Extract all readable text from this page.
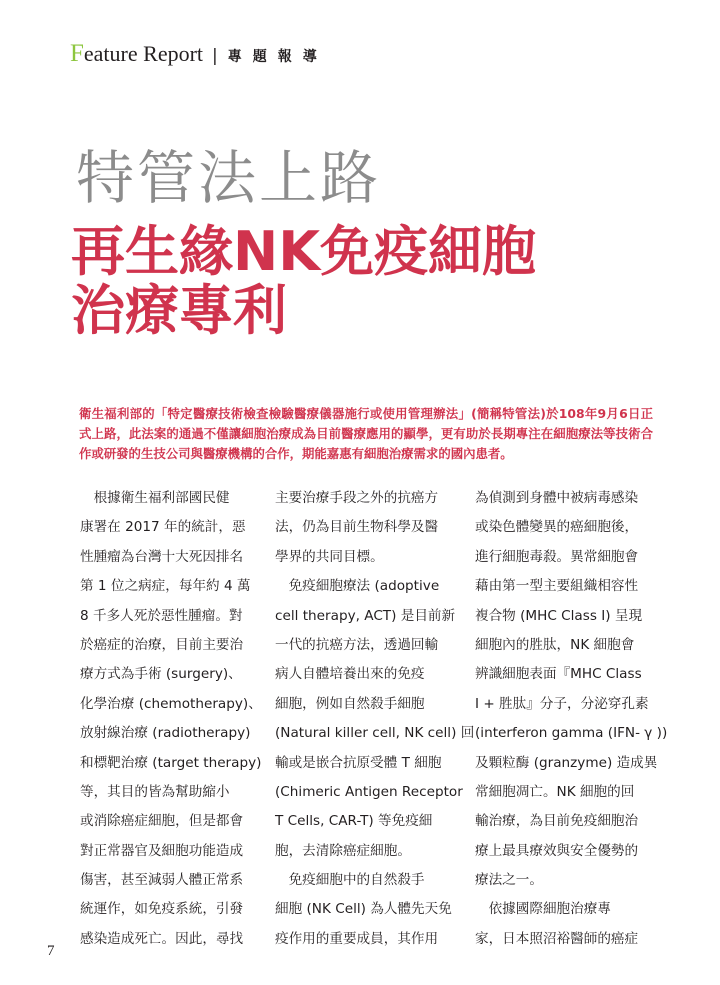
Feature Report | 專題報導
特管法上路
再生緣NK免疫細胞
治療專利
衛生福利部的「特定醫療技術檢查檢驗醫療儀器施行或使用管理辦法」(簡稱特管法)於108年9月6日正式上路，此法案的通過不僅讓細胞治療成為目前醫療應用的顯學，更有助於長期專注在細胞療法等技術合作或研發的生技公司與醫療機構的合作，期能嘉惠有細胞治療需求的國內患者。
　根據衛生福利部國民健
康署在 2017 年的統計，惡
性腫瘤為台灣十大死因排名
第 1 位之病症，每年約 4 萬
8 千多人死於惡性腫瘤。對
於癌症的治療，目前主要治
療方式為手術 (surgery)、
化學治療 (chemotherapy)、
放射線治療 (radiotherapy)
和標靶治療 (target therapy)
等，其目的皆為幫助縮小
或消除癌症細胞，但是都會
對正常器官及細胞功能造成
傷害，甚至減弱人體正常系
統運作，如免疫系統，引發
感染造成死亡。因此，尋找
主要治療手段之外的抗癌方
法，仍為目前生物科學及醫
學界的共同目標。
　免疫細胞療法 (adoptive
cell therapy, ACT) 是目前新
一代的抗癌方法，透過回輸
病人自體培養出來的免疫
細胞，例如自然殺手細胞
(Natural killer cell, NK cell) 回
輸或是嵌合抗原受體 T 細胞
(Chimeric Antigen Receptor
T Cells, CAR-T) 等免疫細
胞，去清除癌症細胞。
　免疫細胞中的自然殺手
細胞 (NK Cell) 為人體先天免
疫作用的重要成員，其作用
為偵測到身體中被病毒感染
或染色體變異的癌細胞後，
進行細胞毒殺。異常細胞會
藉由第一型主要組織相容性
複合物 (MHC Class I) 呈現
細胞內的胜肽，NK 細胞會
辨識細胞表面『MHC Class
I + 胜肽』分子，分泌穿孔素
(interferon gamma (IFN- γ ))
及顆粒酶 (granzyme) 造成異
常細胞凋亡。NK 細胞的回
輸治療，為目前免疫細胞治
療上最具療效與安全優勢的
療法之一。
　依據國際細胞治療專
家，日本照沼裕醫師的癌症
7
